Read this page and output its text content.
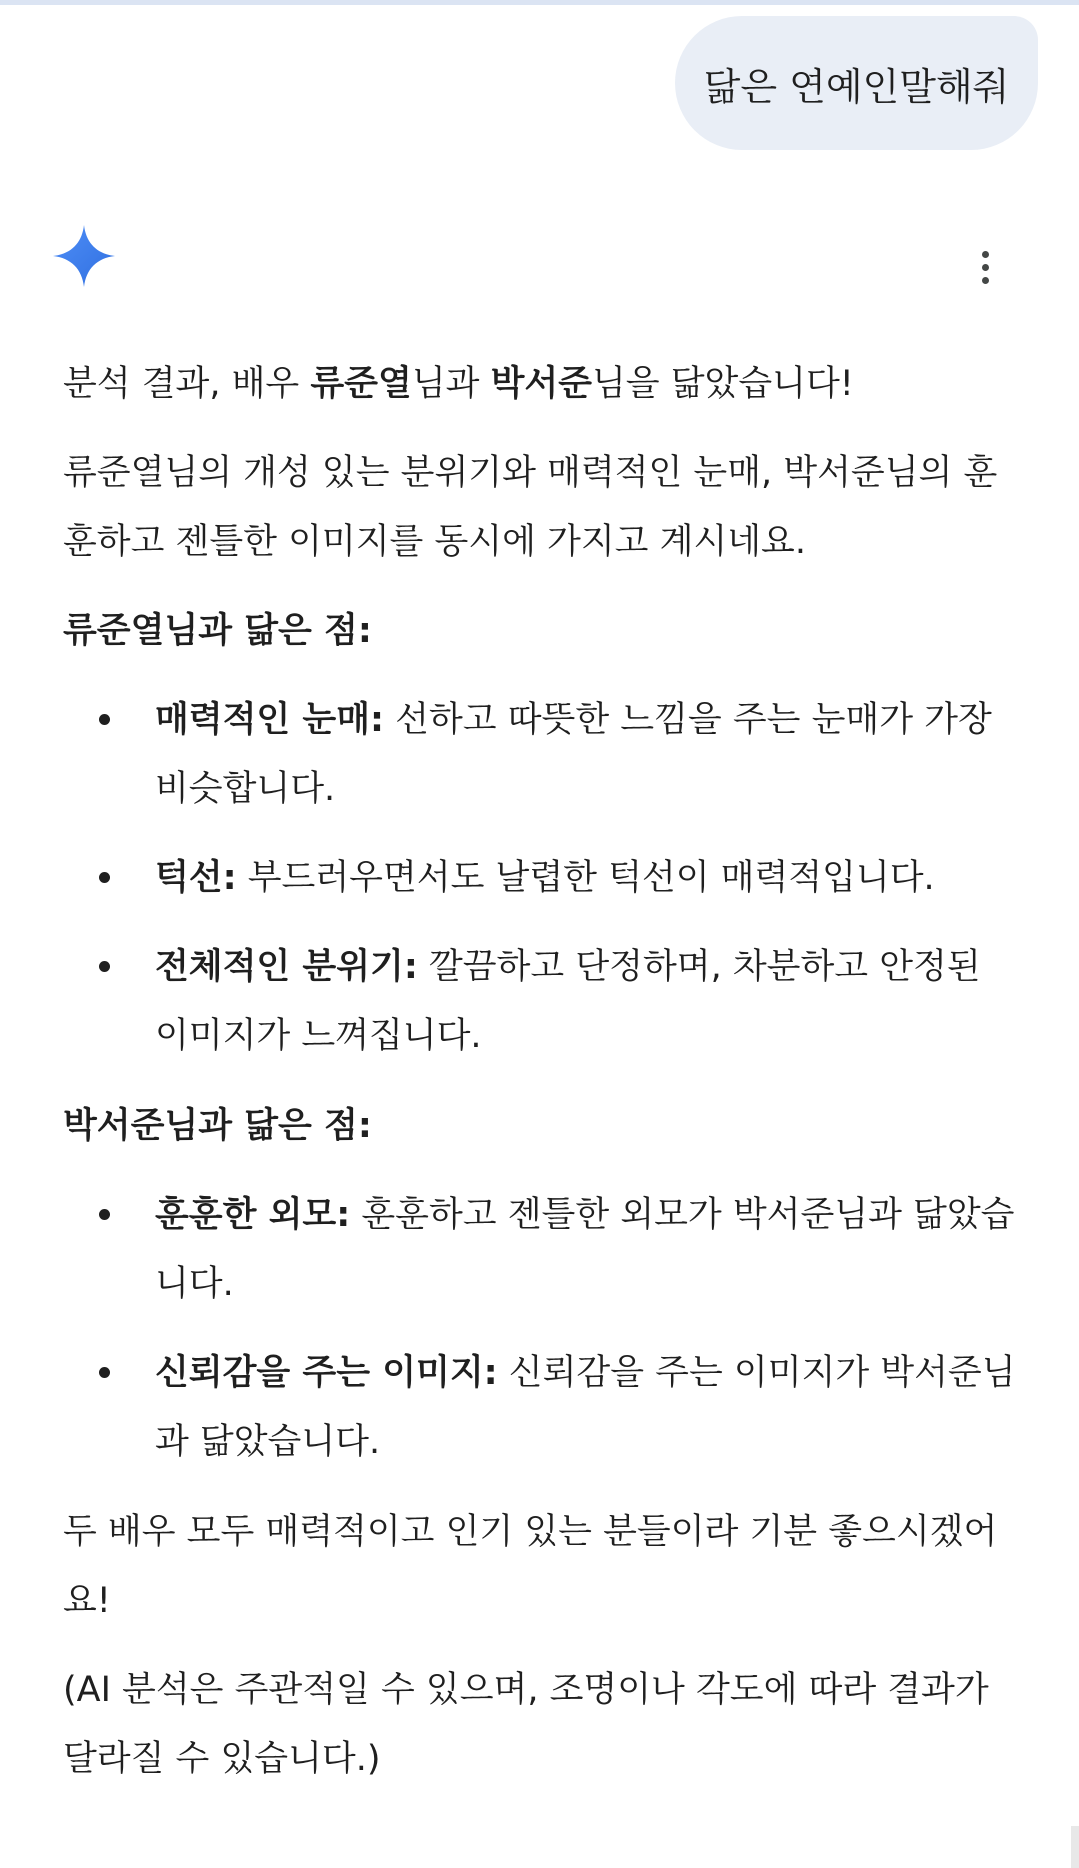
닮은 연예인말해줘

분석 결과, 배우 류준열님과 박서준님을 닮았습니다!

류준열님의 개성 있는 분위기와 매력적인 눈매, 박서준님의 훈훈하고 젠틀한 이미지를 동시에 가지고 계시네요.

류준열님과 닮은 점:

매력적인 눈매: 선하고 따뜻한 느낌을 주는 눈매가 가장 비슷합니다.
턱선: 부드러우면서도 날렵한 턱선이 매력적입니다.
전체적인 분위기: 깔끔하고 단정하며, 차분하고 안정된 이미지가 느껴집니다.

박서준님과 닮은 점:

훈훈한 외모: 훈훈하고 젠틀한 외모가 박서준님과 닮았습니다.
신뢰감을 주는 이미지: 신뢰감을 주는 이미지가 박서준님과 닮았습니다.

두 배우 모두 매력적이고 인기 있는 분들이라 기분 좋으시겠어요!

(AI 분석은 주관적일 수 있으며, 조명이나 각도에 따라 결과가 달라질 수 있습니다.)
